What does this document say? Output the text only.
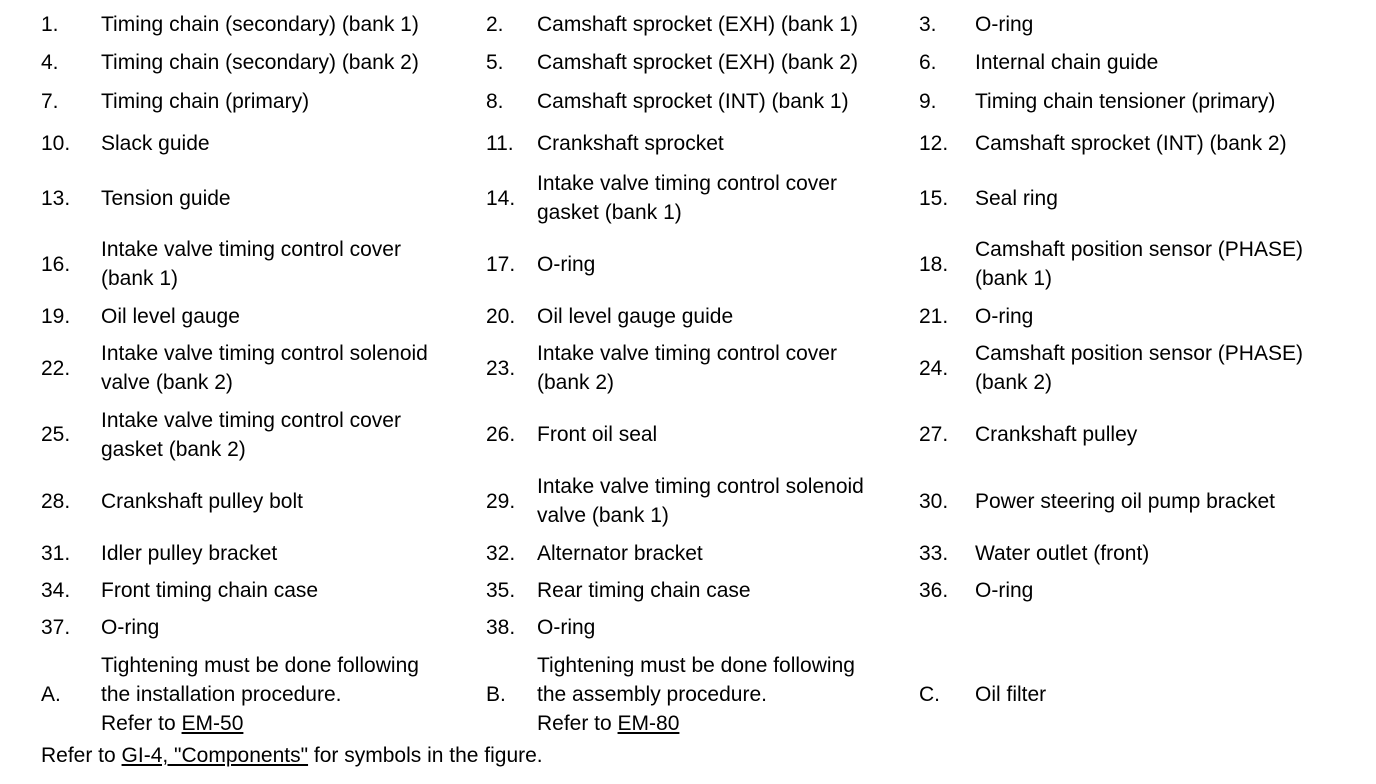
1.	Timing chain (secondary) (bank 1)	2.	Camshaft sprocket (EXH) (bank 1)	3.	O-ring

4.	Timing chain (secondary) (bank 2)	5.	Camshaft sprocket (EXH) (bank 2)	6.	Internal chain guide

7.	Timing chain (primary)	8.	Camshaft sprocket (INT) (bank 1)	9.	Timing chain tensioner (primary)

10.	Slack guide	11.	Crankshaft sprocket	12.	Camshaft sprocket (INT) (bank 2)

13.	Tension guide	14.	Intake valve timing control cover
gasket (bank 1)	15.	Seal ring

16.	Intake valve timing control cover
(bank 1)	17.	O-ring	18.	Camshaft position sensor (PHASE)
(bank 1)

19.	Oil level gauge	20.	Oil level gauge guide	21.	O-ring

22.	Intake valve timing control solenoid
valve (bank 2)	23.	Intake valve timing control cover
(bank 2)	24.	Camshaft position sensor (PHASE)
(bank 2)

25.	Intake valve timing control cover
gasket (bank 2)	26.	Front oil seal	27.	Crankshaft pulley

28.	Crankshaft pulley bolt	29.	Intake valve timing control solenoid
valve (bank 1)	30.	Power steering oil pump bracket

31.	Idler pulley bracket	32.	Alternator bracket	33.	Water outlet (front)

34.	Front timing chain case	35.	Rear timing chain case	36.	O-ring

37.	O-ring	38.	O-ring		

A.	Tightening must be done following
the installation procedure.
Refer to EM-50	B.	Tightening must be done following
the assembly procedure.
Refer to EM-80	C.	Oil filter

Refer to GI-4, "Components" for symbols in the figure.
